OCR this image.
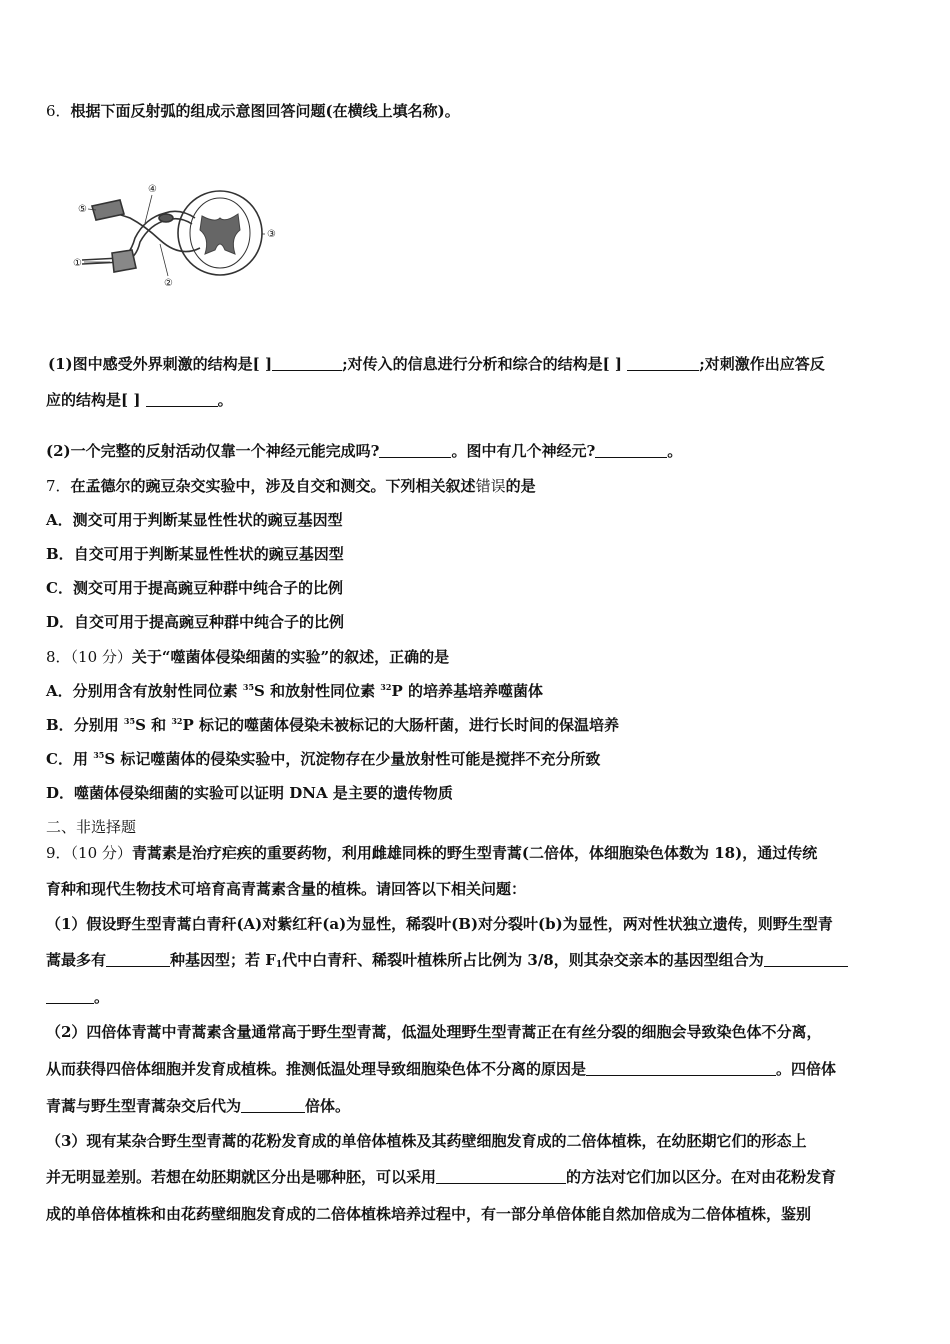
6．根据下面反射弧的组成示意图回答问题(在横线上填名称)。
①
②
③
④
⑤
(1)图中感受外界刺激的结构是[ ]	;对传入的信息进行分析和综合的结构是[ ]	;对刺激作出应答反
应的结构是[ ]	。
(2)一个完整的反射活动仅靠一个神经元能完成吗?	。图中有几个神经元?	。
7．在孟德尔的豌豆杂交实验中，涉及自交和测交。下列相关叙述错误的是
A．测交可用于判断某显性性状的豌豆基因型
B．自交可用于判断某显性性状的豌豆基因型
C．测交可用于提高豌豆种群中纯合子的比例
D．自交可用于提高豌豆种群中纯合子的比例
8．（10 分）关于“噬菌体侵染细菌的实验”的叙述，正确的是
A．分别用含有放射性同位素 $^{35}$S 和放射性同位素 $^{32}$P 的培养基培养噬菌体
B．分别用 $^{35}$S 和 $^{32}$P 标记的噬菌体侵染未被标记的大肠杆菌，进行长时间的保温培养
C．用 $^{35}$S 标记噬菌体的侵染实验中，沉淀物存在少量放射性可能是搅拌不充分所致
D．噬菌体侵染细菌的实验可以证明 DNA 是主要的遗传物质
二、非选择题
9．（10 分）青蒿素是治疗疟疾的重要药物，利用雌雄同株的野生型青蒿(二倍体，体细胞染色体数为 18)，通过传统
育种和现代生物技术可培育高青蒿素含量的植株。请回答以下相关问题：
（1）假设野生型青蒿白青秆(A)对紫红秆(a)为显性，稀裂叶(B)对分裂叶(b)为显性，两对性状独立遗传，则野生型青
蒿最多有	种基因型；若 $F_1$代中白青秆、稀裂叶植株所占比例为 3/8，则其杂交亲本的基因型组合为
。
（2）四倍体青蒿中青蒿素含量通常高于野生型青蒿，低温处理野生型青蒿正在有丝分裂的细胞会导致染色体不分离，
从而获得四倍体细胞并发育成植株。推测低温处理导致细胞染色体不分离的原因是	。四倍体
青蒿与野生型青蒿杂交后代为	倍体。
（3）现有某杂合野生型青蒿的花粉发育成的单倍体植株及其药壁细胞发育成的二倍体植株，在幼胚期它们的形态上
并无明显差别。若想在幼胚期就区分出是哪种胚，可以采用	的方法对它们加以区分。在对由花粉发育
成的单倍体植株和由花药壁细胞发育成的二倍体植株培养过程中，有一部分单倍体能自然加倍成为二倍体植株，鉴别
